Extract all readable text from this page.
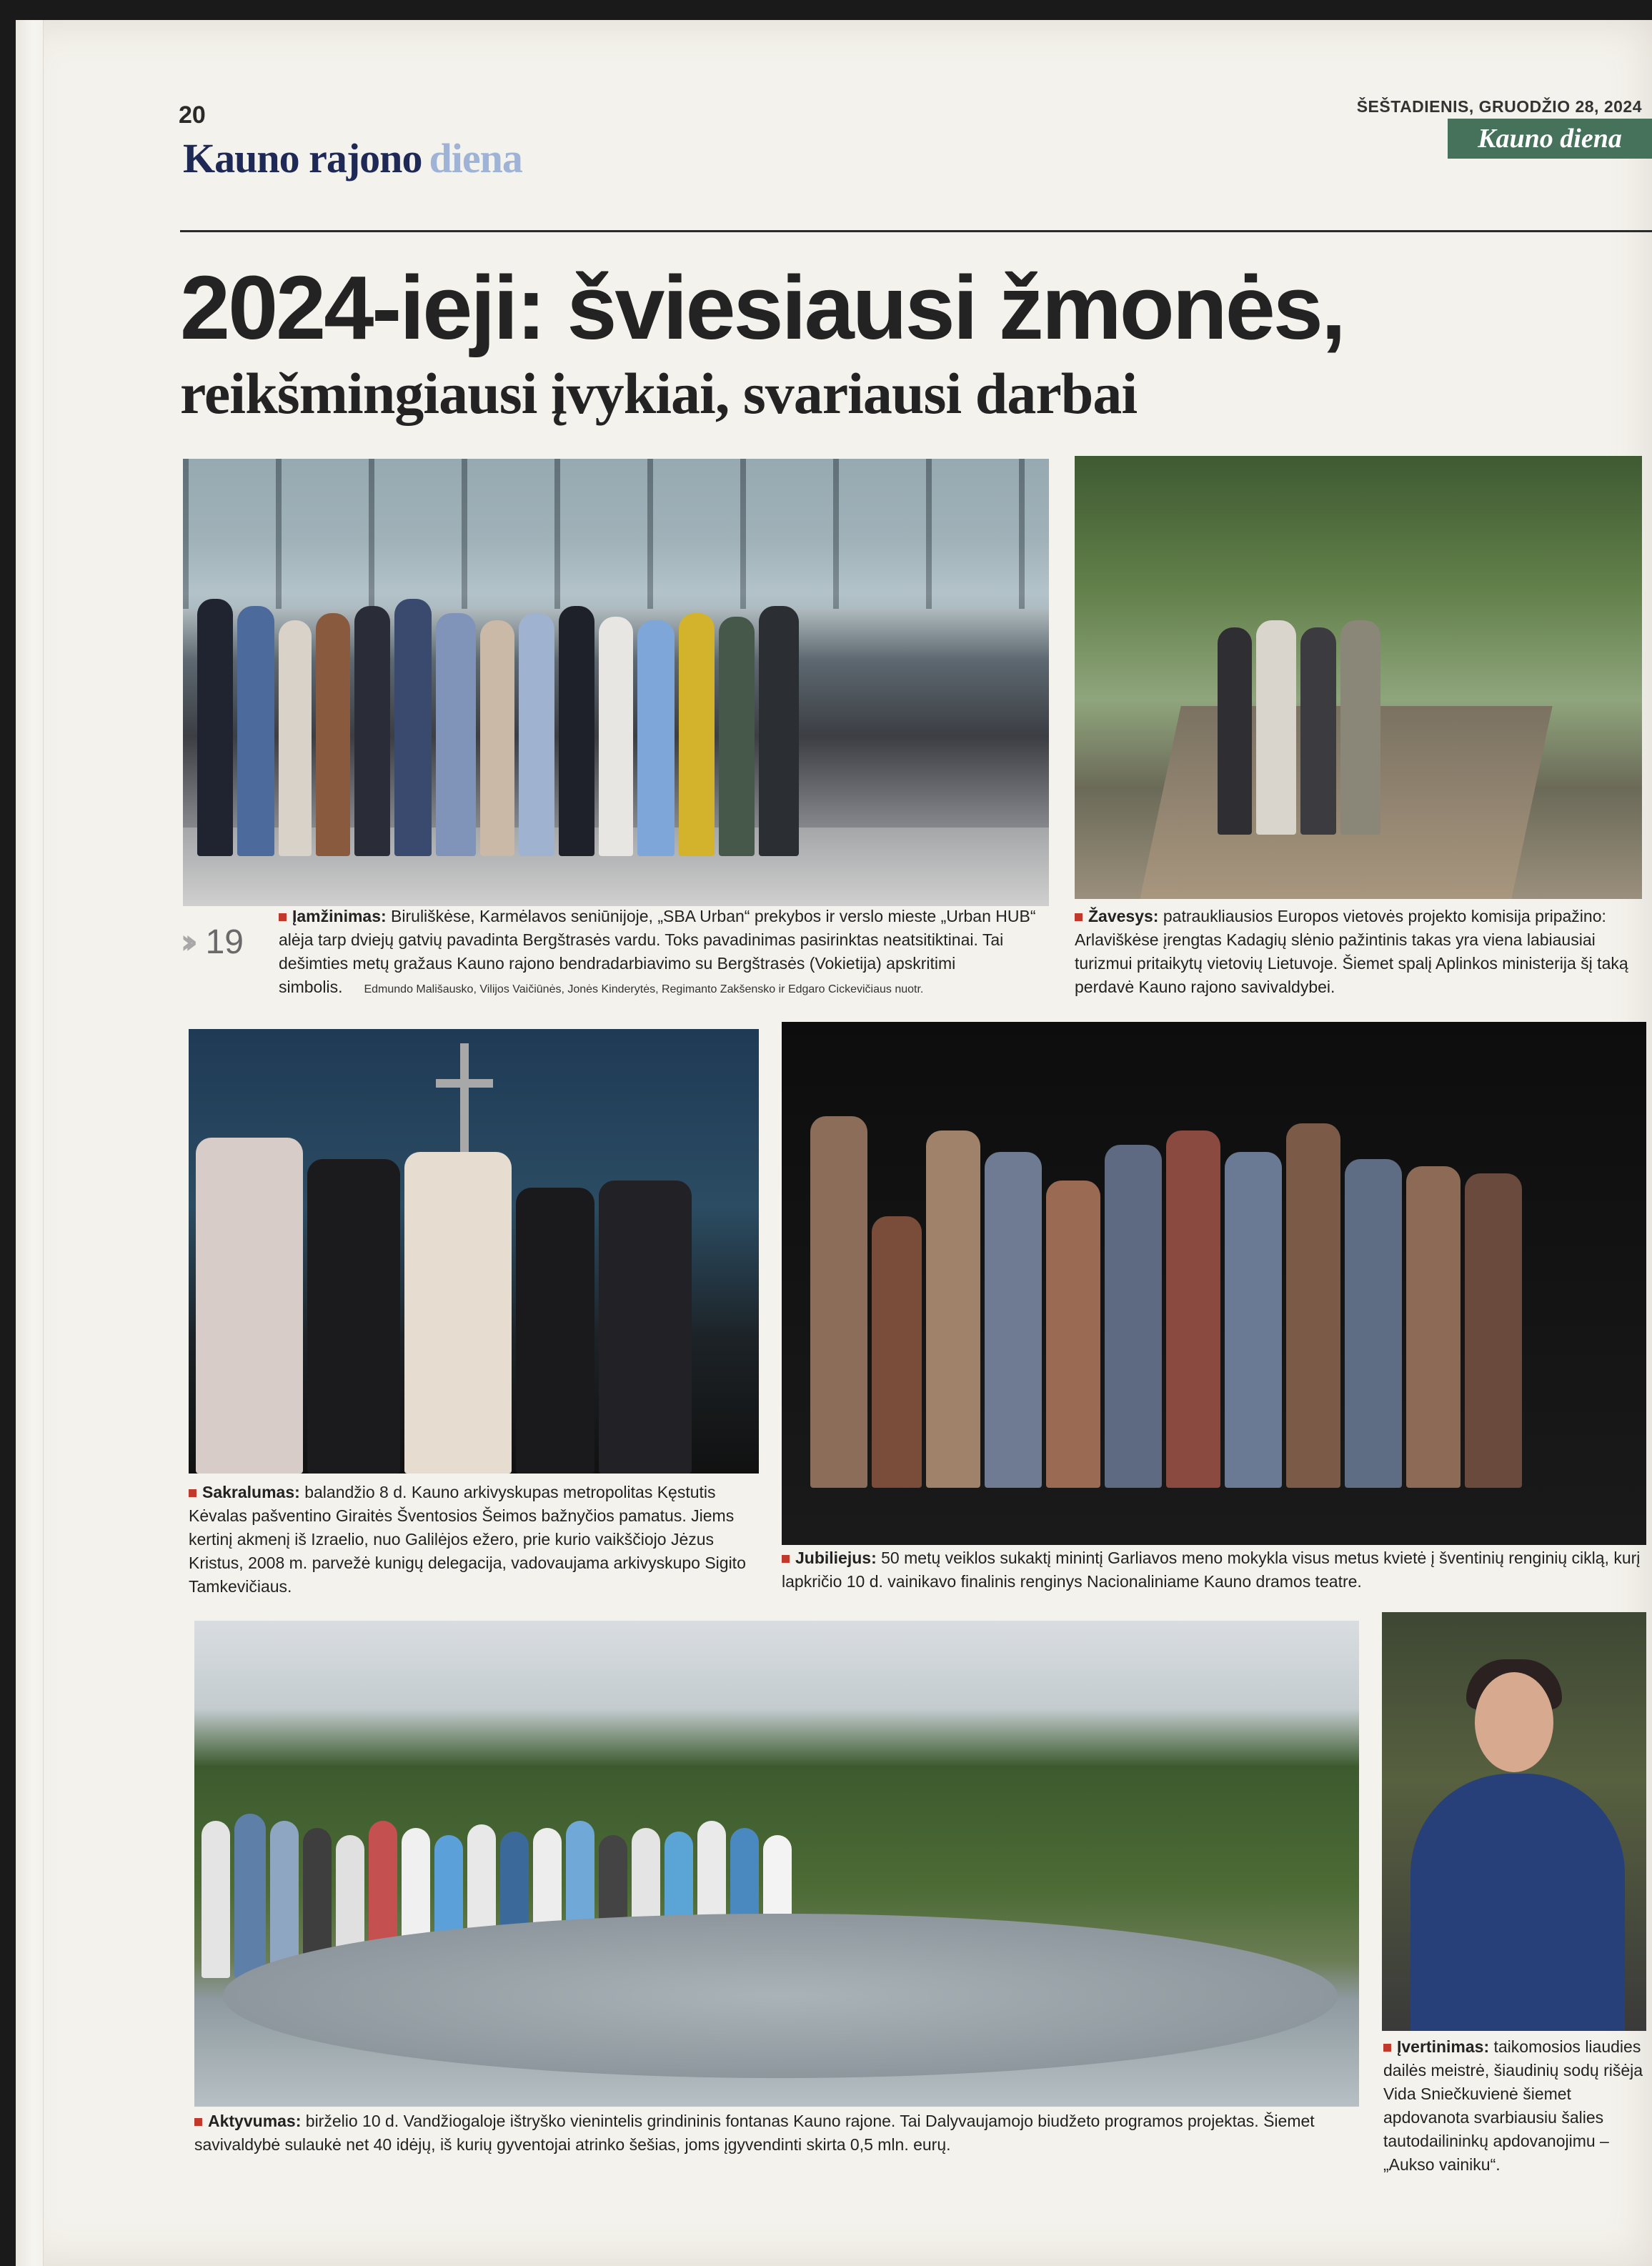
20
Kauno rajono diena
ŠEŠTADIENIS, GRUODŽIO 28, 2024
Kauno diena
2024-ieji: šviesiausi žmonės,
reikšmingiausi įvykiai, svariausi darbai
›› 19
Įamžinimas: Biruliškėse, Karmėlavos seniūnijoje, „SBA Urban“ prekybos ir verslo mieste „Urban HUB“ alėja tarp dviejų gatvių pavadinta Bergštrasės vardu. Toks pavadinimas pasirinktas neatsitiktinai. Tai dešimties metų gražaus Kauno rajono bendradarbiavimo su Bergštrasės (Vokietija) apskritimi simbolis. Edmundo Mališausko, Vilijos Vaičiūnės, Jonės Kinderytės, Regimanto Zakšensko ir Edgaro Cickevičiaus nuotr.
Žavesys: patraukliausios Europos vietovės projekto komisija pripažino: Arlaviškėse įrengtas Kadagių slėnio pažintinis takas yra viena labiausiai turizmui pritaikytų vietovių Lietuvoje. Šiemet spalį Aplinkos ministerija šį taką perdavė Kauno rajono savivaldybei.
Sakralumas: balandžio 8 d. Kauno arkivyskupas metropolitas Kęstutis Kėvalas pašventino Giraitės Šventosios Šeimos bažnyčios pamatus. Jiems kertinį akmenį iš Izraelio, nuo Galilėjos ežero, prie kurio vaikščiojo Jėzus Kristus, 2008 m. parvežė kunigų delegacija, vadovaujama arkivyskupo Sigito Tamkevičiaus.
Jubiliejus: 50 metų veiklos sukaktį minintį Garliavos meno mokykla visus metus kvietė į šventinių renginių ciklą, kurį lapkričio 10 d. vainikavo finalinis renginys Nacionaliniame Kauno dramos teatre.
Aktyvumas: birželio 10 d. Vandžiogaloje ištryško vienintelis grindininis fontanas Kauno rajone. Tai Dalyvaujamojo biudžeto programos projektas. Šiemet savivaldybė sulaukė net 40 idėjų, iš kurių gyventojai atrinko šešias, joms įgyvendinti skirta 0,5 mln. eurų.
Įvertinimas: taikomosios liaudies dailės meistrė, šiaudinių sodų rišėja Vida Sniečkuvienė šiemet apdovanota svarbiausiu šalies tautodailininkų apdovanojimu – „Aukso vainiku“.
